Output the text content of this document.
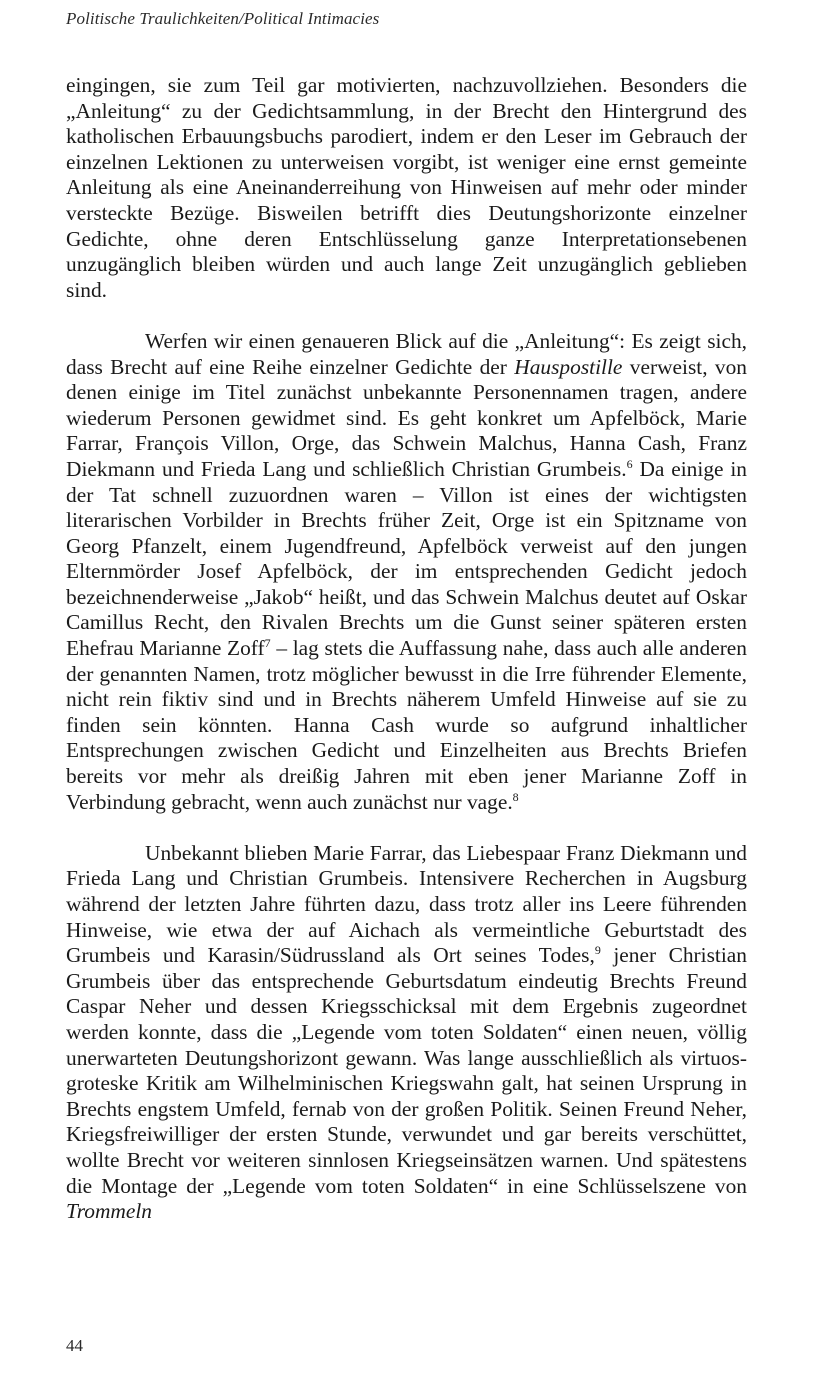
Politische Traulichkeiten/Political Intimacies

eingingen, sie zum Teil gar motivierten, nachzuvollziehen. Besonders die „Anleitung“ zu der Gedichtsammlung, in der Brecht den Hintergrund des katholischen Erbauungsbuchs parodiert, indem er den Leser im Gebrauch der einzelnen Lektionen zu unterweisen vorgibt, ist weniger eine ernst gemeinte Anleitung als eine Aneinanderreihung von Hinweisen auf mehr oder minder versteckte Bezüge. Bisweilen betrifft dies Deutungshorizonte einzelner Gedichte, ohne deren Entschlüsselung ganze Interpretationsebenen unzugänglich bleiben würden und auch lange Zeit unzugänglich geblieben sind.

Werfen wir einen genaueren Blick auf die „Anleitung“: Es zeigt sich, dass Brecht auf eine Reihe einzelner Gedichte der Hauspostille verweist, von denen einige im Titel zunächst unbekannte Personennamen tragen, andere wiederum Personen gewidmet sind. Es geht konkret um Apfelböck, Marie Farrar, François Villon, Orge, das Schwein Malchus, Hanna Cash, Franz Diekmann und Frieda Lang und schließlich Christian Grumbeis.$^6$ Da einige in der Tat schnell zuzuordnen waren – Villon ist eines der wichtigsten literarischen Vorbilder in Brechts früher Zeit, Orge ist ein Spitzname von Georg Pfanzelt, einem Jugendfreund, Apfelböck verweist auf den jungen Elternmörder Josef Apfelböck, der im entsprechenden Gedicht jedoch bezeichnenderweise „Jakob“ heißt, und das Schwein Malchus deutet auf Oskar Camillus Recht, den Rivalen Brechts um die Gunst seiner späteren ersten Ehefrau Marianne Zoff$^7$ – lag stets die Auffassung nahe, dass auch alle anderen der genannten Namen, trotz möglicher bewusst in die Irre führender Elemente, nicht rein fiktiv sind und in Brechts näherem Umfeld Hinweise auf sie zu finden sein könnten. Hanna Cash wurde so aufgrund inhaltlicher Entsprechungen zwischen Gedicht und Einzelheiten aus Brechts Briefen bereits vor mehr als dreißig Jahren mit eben jener Marianne Zoff in Verbindung gebracht, wenn auch zunächst nur vage.$^8$

Unbekannt blieben Marie Farrar, das Liebespaar Franz Diekmann und Frieda Lang und Christian Grumbeis. Intensivere Recherchen in Augsburg während der letzten Jahre führten dazu, dass trotz aller ins Leere führenden Hinweise, wie etwa der auf Aichach als vermeintliche Geburtstadt des Grumbeis und Karasin/Südrussland als Ort seines Todes,$^9$ jener Christian Grumbeis über das entsprechende Geburtsdatum eindeutig Brechts Freund Caspar Neher und dessen Kriegsschicksal mit dem Ergebnis zugeordnet werden konnte, dass die „Legende vom toten Soldaten“ einen neuen, völlig unerwarteten Deutungshorizont gewann. Was lange ausschließlich als virtuos-groteske Kritik am Wilhelminischen Kriegswahn galt, hat seinen Ursprung in Brechts engstem Umfeld, fernab von der großen Politik. Seinen Freund Neher, Kriegsfreiwilliger der ersten Stunde, verwundet und gar bereits verschüttet, wollte Brecht vor weiteren sinnlosen Kriegseinsätzen warnen. Und spätestens die Montage der „Legende vom toten Soldaten“ in eine Schlüsselszene von Trommeln

44
